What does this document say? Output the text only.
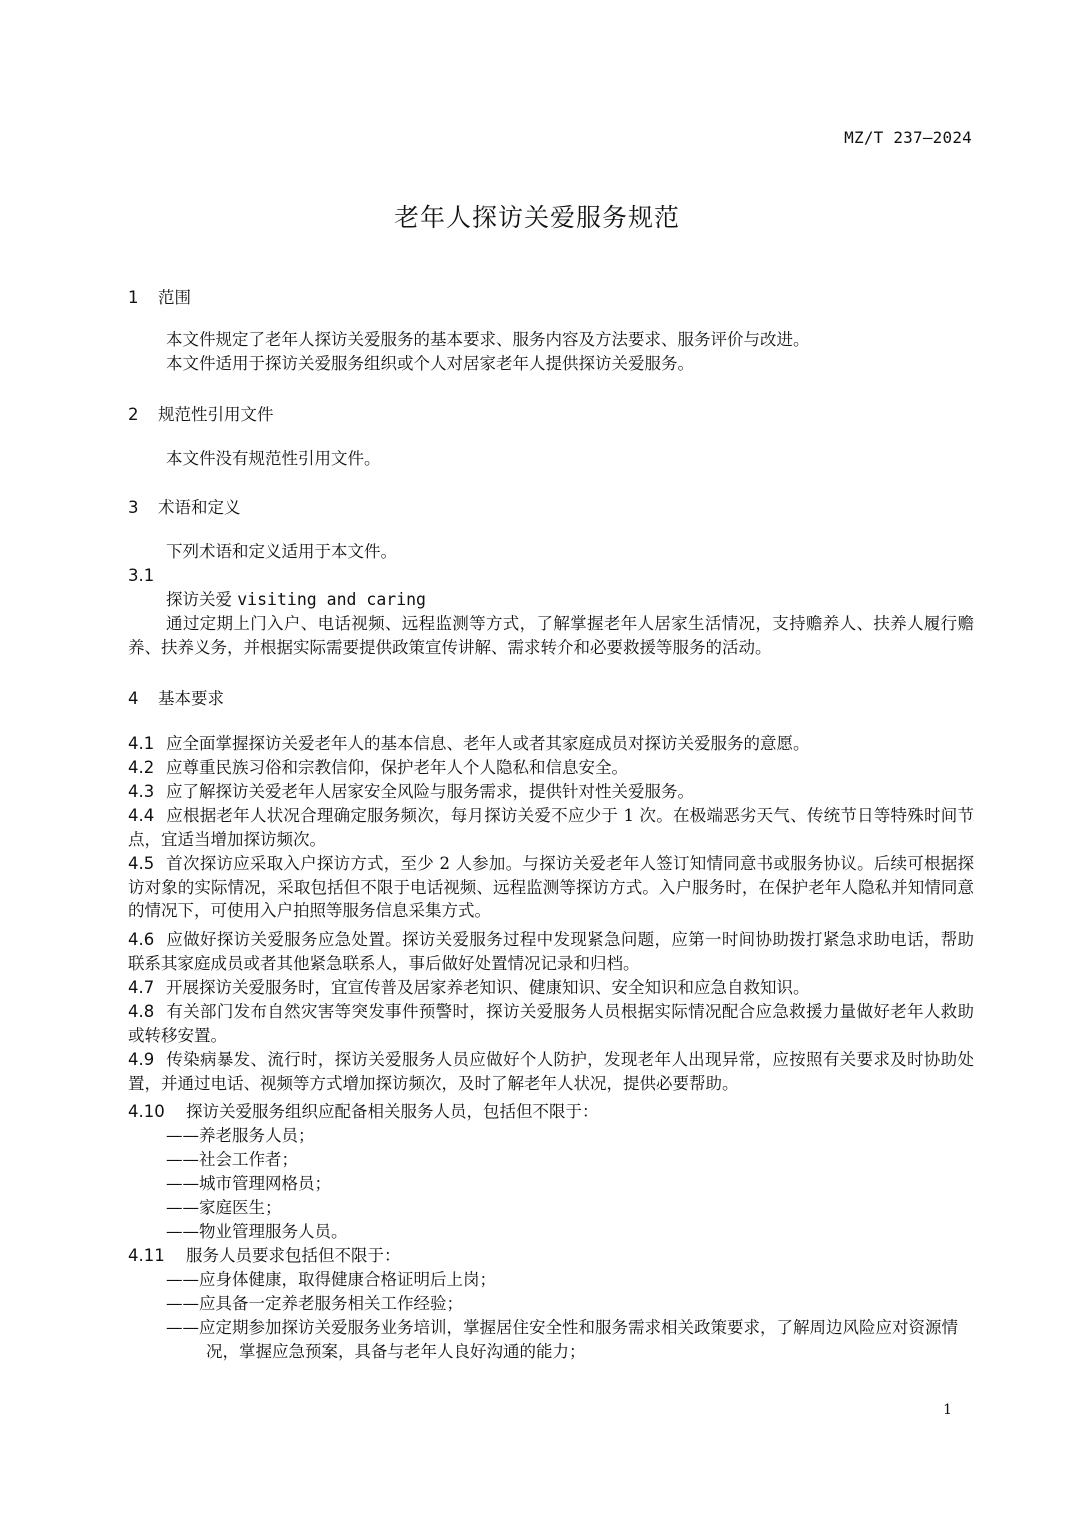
MZ/T 237—2024
老年人探访关爱服务规范
1 范围
本文件规定了老年人探访关爱服务的基本要求、服务内容及方法要求、服务评价与改进。
本文件适用于探访关爱服务组织或个人对居家老年人提供探访关爱服务。
2 规范性引用文件
本文件没有规范性引用文件。
3 术语和定义
下列术语和定义适用于本文件。
3.1
探访关爱 visiting and caring
通过定期上门入户、电话视频、远程监测等方式，了解掌握老年人居家生活情况，支持赡养人、扶养人履行赡养、扶养义务，并根据实际需要提供政策宣传讲解、需求转介和必要救援等服务的活动。
4 基本要求
4.1 应全面掌握探访关爱老年人的基本信息、老年人或者其家庭成员对探访关爱服务的意愿。
4.2 应尊重民族习俗和宗教信仰，保护老年人个人隐私和信息安全。
4.3 应了解探访关爱老年人居家安全风险与服务需求，提供针对性关爱服务。
4.4 应根据老年人状况合理确定服务频次，每月探访关爱不应少于 1 次。在极端恶劣天气、传统节日等特殊时间节点，宜适当增加探访频次。
4.5 首次探访应采取入户探访方式，至少 2 人参加。与探访关爱老年人签订知情同意书或服务协议。后续可根据探访对象的实际情况，采取包括但不限于电话视频、远程监测等探访方式。入户服务时，在保护老年人隐私并知情同意的情况下，可使用入户拍照等服务信息采集方式。
4.6 应做好探访关爱服务应急处置。探访关爱服务过程中发现紧急问题，应第一时间协助拨打紧急求助电话，帮助联系其家庭成员或者其他紧急联系人，事后做好处置情况记录和归档。
4.7 开展探访关爱服务时，宜宣传普及居家养老知识、健康知识、安全知识和应急自救知识。
4.8 有关部门发布自然灾害等突发事件预警时，探访关爱服务人员根据实际情况配合应急救援力量做好老年人救助或转移安置。
4.9 传染病暴发、流行时，探访关爱服务人员应做好个人防护，发现老年人出现异常，应按照有关要求及时协助处置，并通过电话、视频等方式增加探访频次，及时了解老年人状况，提供必要帮助。
4.10 探访关爱服务组织应配备相关服务人员，包括但不限于：
——养老服务人员；
——社会工作者；
——城市管理网格员；
——家庭医生；
——物业管理服务人员。
4.11 服务人员要求包括但不限于：
——应身体健康，取得健康合格证明后上岗；
——应具备一定养老服务相关工作经验；
——应定期参加探访关爱服务业务培训，掌握居住安全性和服务需求相关政策要求，了解周边风险应对资源情况，掌握应急预案，具备与老年人良好沟通的能力；
1
